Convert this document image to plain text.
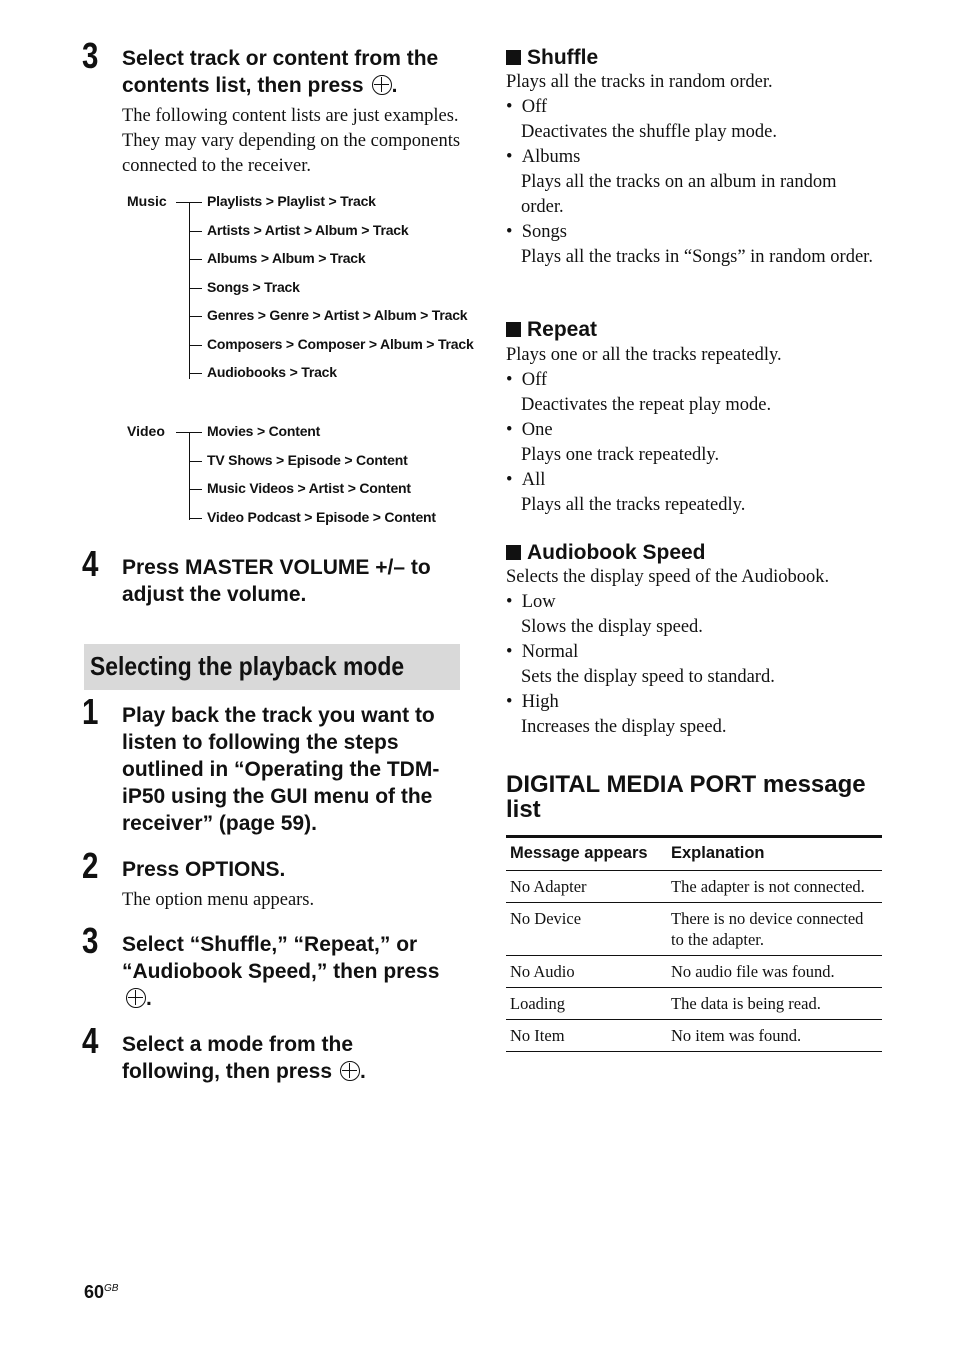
3 Select track or content from the contents list, then press .
The following content lists are just examples. They may vary depending on the components connected to the receiver.
Music	Playlists > Playlist > Track
Artists > Artist > Album > Track
Albums > Album > Track
Songs > Track
Genres > Genre > Artist > Album > Track
Composers > Composer > Album > Track
Audiobooks > Track
Video	Movies > Content
TV Shows > Episode > Content
Music Videos > Artist > Content
Video Podcast > Episode > Content
4 Press MASTER VOLUME +/– to adjust the volume.
Selecting the playback mode
1 Play back the track you want to listen to following the steps outlined in “Operating the TDM-iP50 using the GUI menu of the receiver” (page 59).
2 Press OPTIONS.
The option menu appears.
3 Select “Shuffle,” “Repeat,” or “Audiobook Speed,” then press.
4 Select a mode from the following, then press .
Shuffle
Plays all the tracks in random order.
• Off
Deactivates the shuffle play mode.
• Albums
Plays all the tracks on an album in random order.
• Songs
Plays all the tracks in “Songs” in random order.
Repeat
Plays one or all the tracks repeatedly.
• Off
Deactivates the repeat play mode.
• One
Plays one track repeatedly.
• All
Plays all the tracks repeatedly.
Audiobook Speed
Selects the display speed of the Audiobook.
• Low
Slows the display speed.
• Normal
Sets the display speed to standard.
• High
Increases the display speed.
DIGITAL MEDIA PORT message list
Message appears	Explanation
No Adapter	The adapter is not connected.
No Device	There is no device connected to the adapter.
No Audio	No audio file was found.
Loading	The data is being read.
No Item	No item was found.
$60^{GB}$
